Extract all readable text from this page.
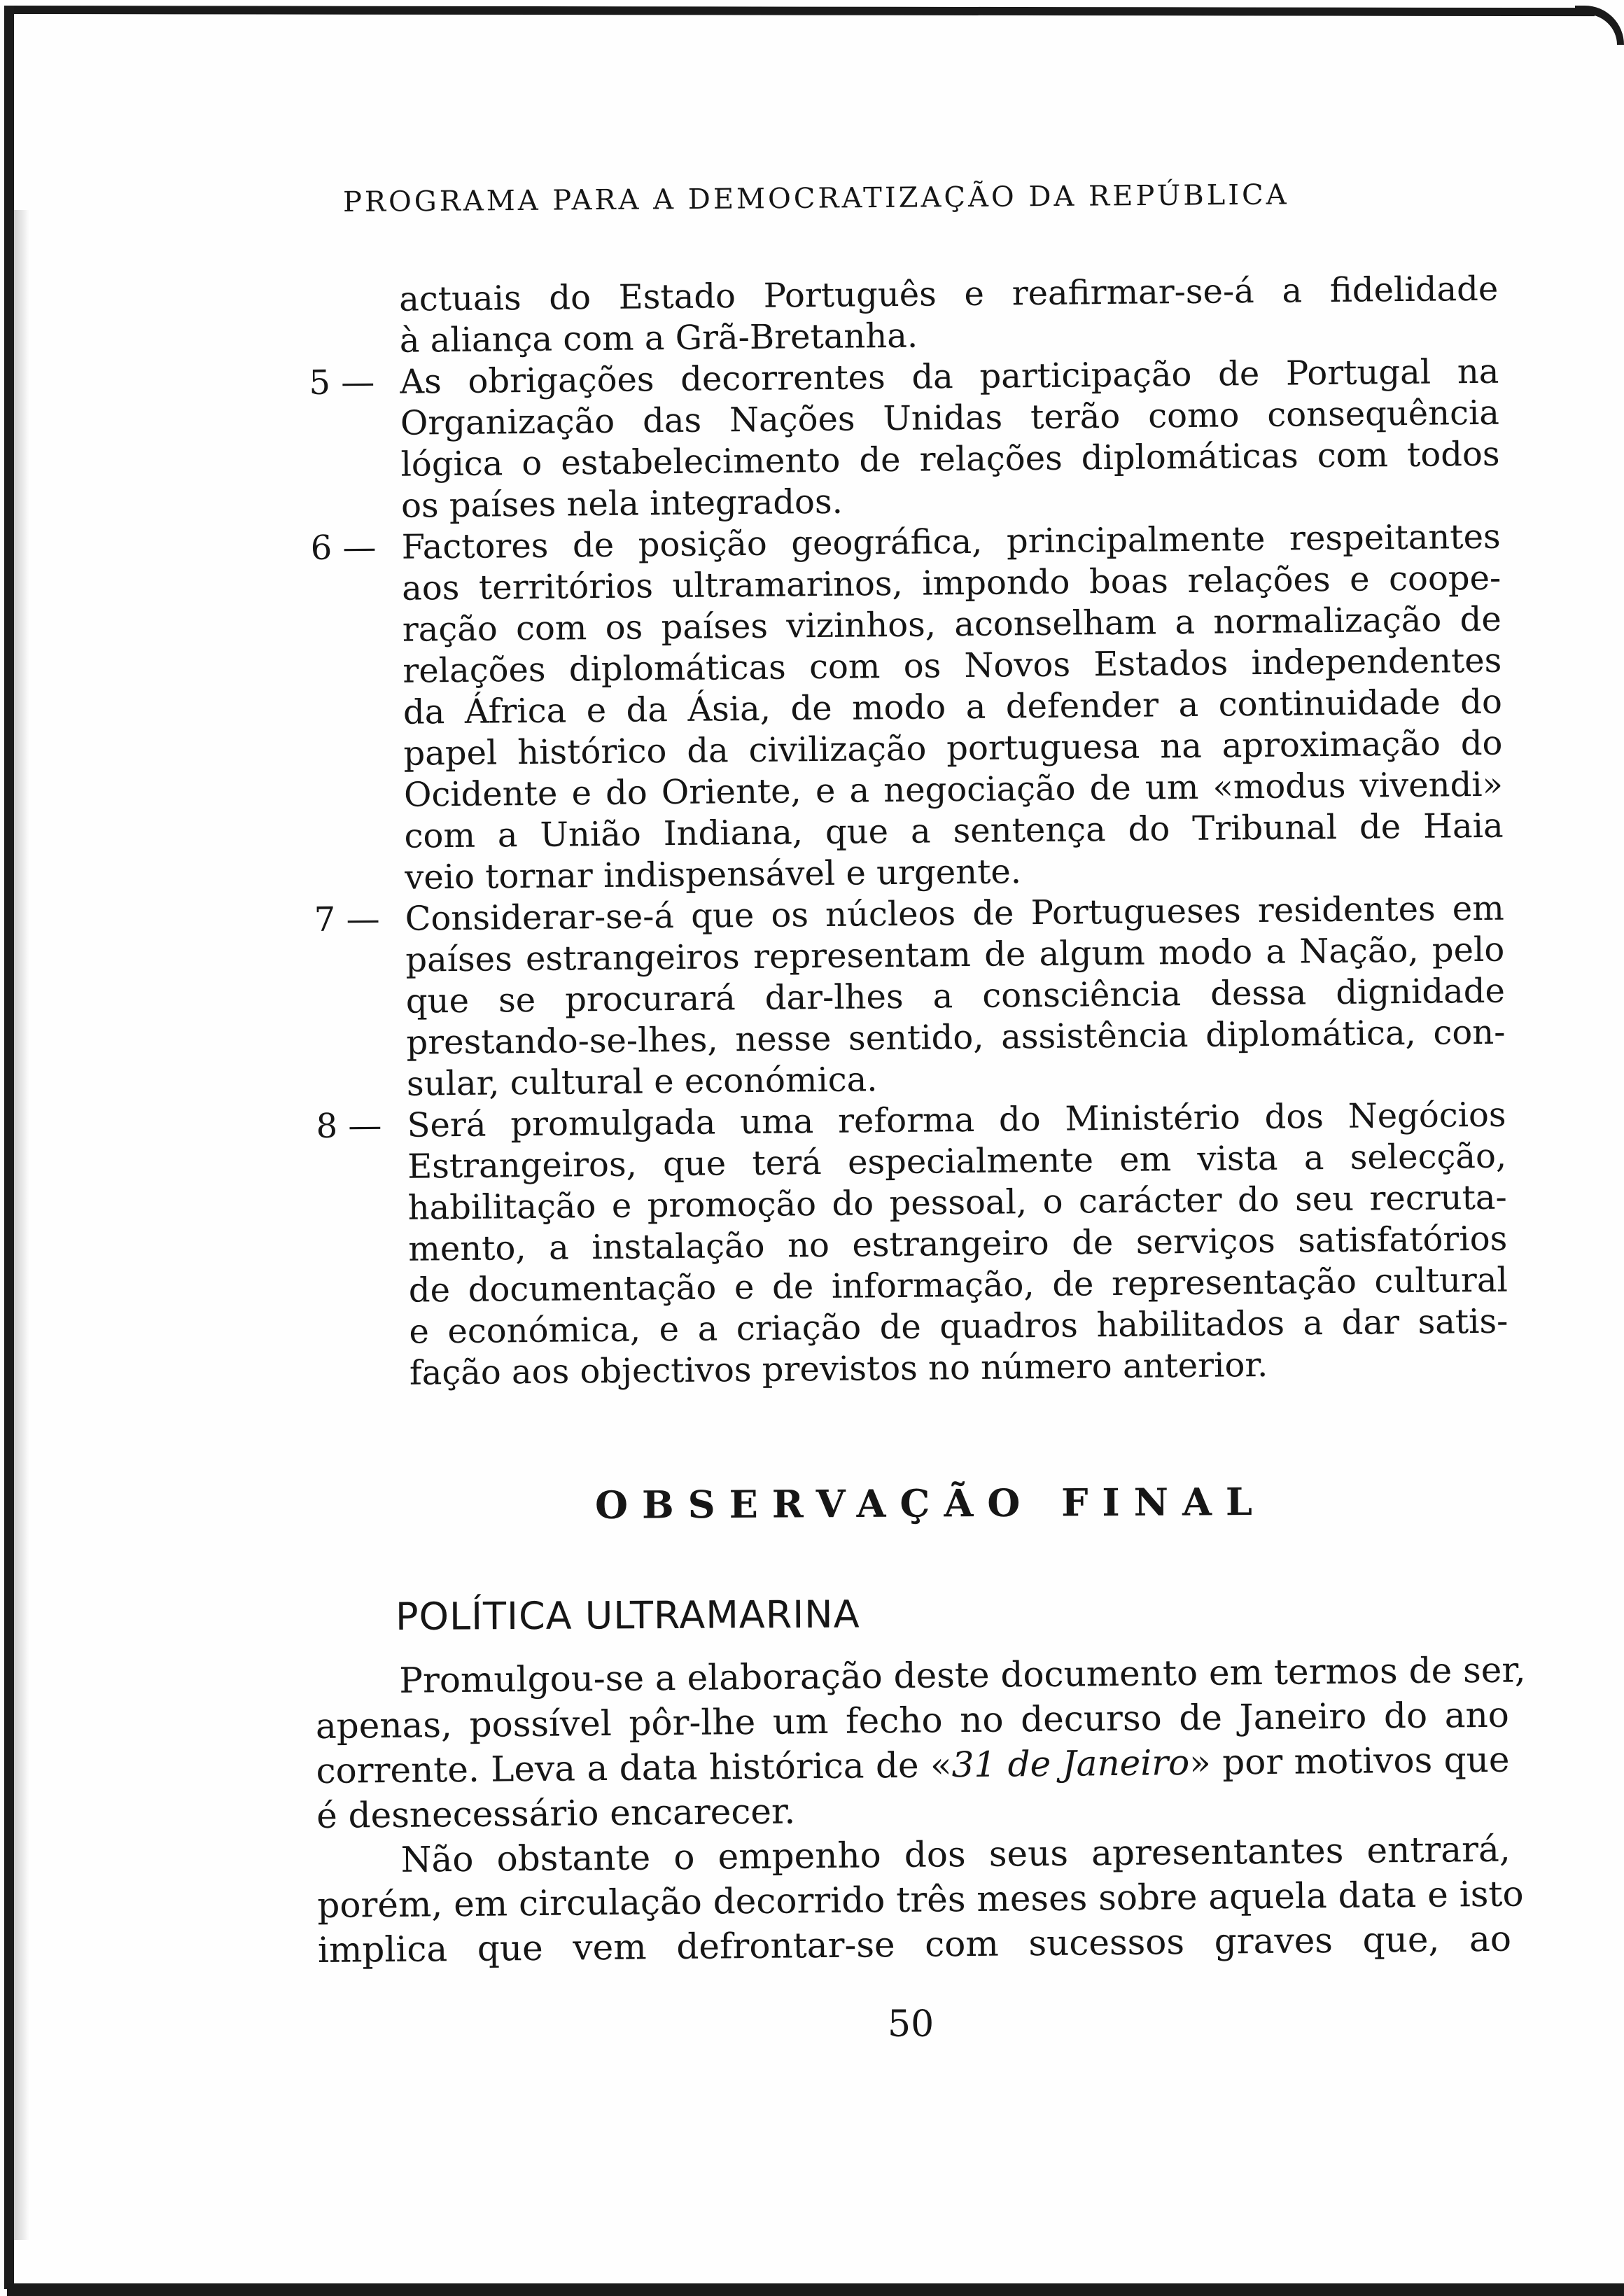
PROGRAMA PARA A DEMOCRATIZAÇÃO DA REPÚBLICA
actuais do Estado Português e reafirmar-se-á a fidelidade
à aliança com a Grã-Bretanha.
5 — As obrigações decorrentes da participação de Portugal na
Organização das Nações Unidas terão como consequência
lógica o estabelecimento de relações diplomáticas com todos
os países nela integrados.
6 — Factores de posição geográfica, principalmente respeitantes
aos territórios ultramarinos, impondo boas relações e coope-
ração com os países vizinhos, aconselham a normalização de
relações diplomáticas com os Novos Estados independentes
da África e da Ásia, de modo a defender a continuidade do
papel histórico da civilização portuguesa na aproximação do
Ocidente e do Oriente, e a negociação de um «modus vivendi»
com a União Indiana, que a sentença do Tribunal de Haia
veio tornar indispensável e urgente.
7 — Considerar-se-á que os núcleos de Portugueses residentes em
países estrangeiros representam de algum modo a Nação, pelo
que se procurará dar-lhes a consciência dessa dignidade
prestando-se-lhes, nesse sentido, assistência diplomática, con-
sular, cultural e económica.
8 — Será promulgada uma reforma do Ministério dos Negócios
Estrangeiros, que terá especialmente em vista a selecção,
habilitação e promoção do pessoal, o carácter do seu recruta-
mento, a instalação no estrangeiro de serviços satisfatórios
de documentação e de informação, de representação cultural
e económica, e a criação de quadros habilitados a dar satis-
fação aos objectivos previstos no número anterior.
OBSERVAÇÃO FINAL
POLÍTICA ULTRAMARINA
Promulgou-se a elaboração deste documento em termos de ser,
apenas, possível pôr-lhe um fecho no decurso de Janeiro do ano
corrente. Leva a data histórica de «31 de Janeiro» por motivos que
é desnecessário encarecer.
Não obstante o empenho dos seus apresentantes entrará,
porém, em circulação decorrido três meses sobre aquela data e isto
implica que vem defrontar-se com sucessos graves que, ao
50
